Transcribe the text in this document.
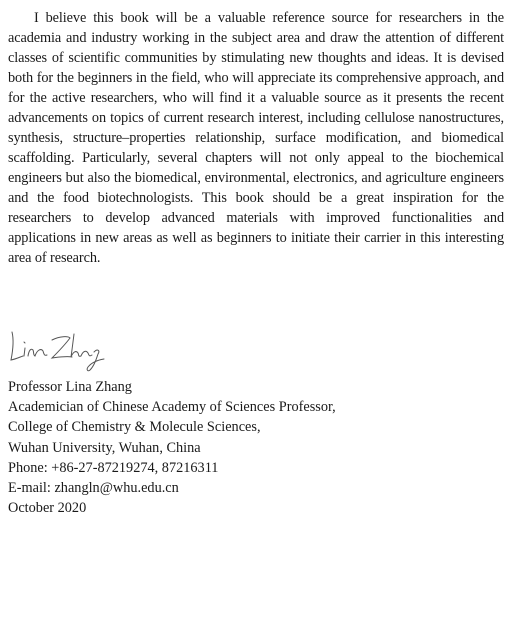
I believe this book will be a valuable reference source for researchers in the academia and industry working in the subject area and draw the attention of different classes of scientific communities by stimulating new thoughts and ideas. It is devised both for the beginners in the field, who will appreciate its comprehensive approach, and for the active researchers, who will find it a valuable source as it presents the recent advancements on topics of current research interest, including cellulose nanostructures, synthesis, structure–properties relationship, surface modification, and biomedical scaffolding. Particularly, several chapters will not only appeal to the biochemical engineers but also the biomedical, environmental, electronics, and agriculture engineers and the food biotechnologists. This book should be a great inspiration for the researchers to develop advanced materials with improved functionalities and applications in new areas as well as beginners to initiate their carrier in this interesting area of research.

Professor Lina Zhang
Academician of Chinese Academy of Sciences Professor,
College of Chemistry & Molecule Sciences,
Wuhan University, Wuhan, China
Phone: +86-27-87219274, 87216311
E-mail: zhangln@whu.edu.cn
October 2020
